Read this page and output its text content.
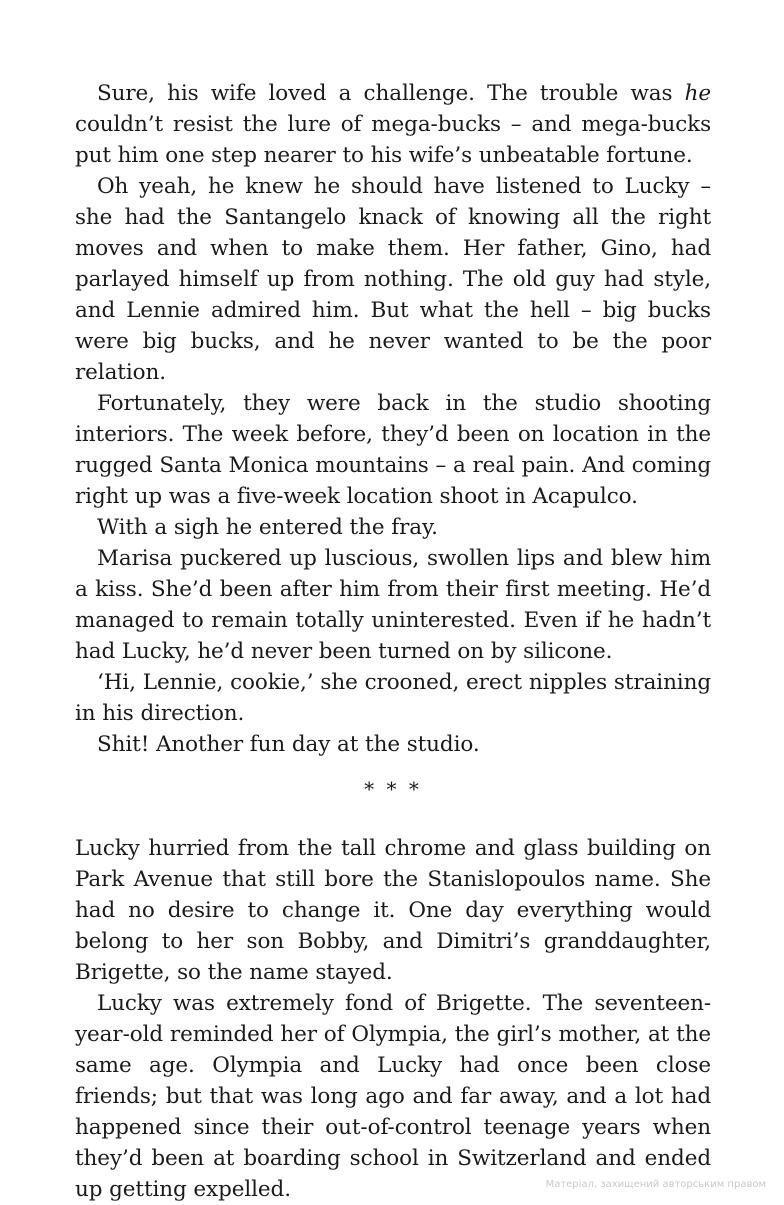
Sure, his wife loved a challenge. The trouble was he couldn’t resist the lure of mega-bucks – and mega-bucks put him one step nearer to his wife’s unbeatable fortune.

Oh yeah, he knew he should have listened to Lucky – she had the Santangelo knack of knowing all the right moves and when to make them. Her father, Gino, had parlayed himself up from nothing. The old guy had style, and Lennie admired him. But what the hell – big bucks were big bucks, and he never wanted to be the poor relation.

Fortunately, they were back in the studio shooting interiors. The week before, they’d been on location in the rugged Santa Monica mountains – a real pain. And coming right up was a five-week location shoot in Acapulco.

With a sigh he entered the fray.

Marisa puckered up luscious, swollen lips and blew him a kiss. She’d been after him from their first meeting. He’d managed to remain totally uninterested. Even if he hadn’t had Lucky, he’d never been turned on by silicone.

‘Hi, Lennie, cookie,’ she crooned, erect nipples straining in his direction.

Shit! Another fun day at the studio.

* * *

Lucky hurried from the tall chrome and glass building on Park Avenue that still bore the Stanislopoulos name. She had no desire to change it. One day everything would belong to her son Bobby, and Dimitri’s granddaughter, Brigette, so the name stayed.

Lucky was extremely fond of Brigette. The seventeen-year-old reminded her of Olympia, the girl’s mother, at the same age. Olympia and Lucky had once been close friends; but that was long ago and far away, and a lot had happened since their out-of-control teenage years when they’d been at boarding school in Switzerland and ended up getting expelled.	Матеріал, захищений авторським правом
